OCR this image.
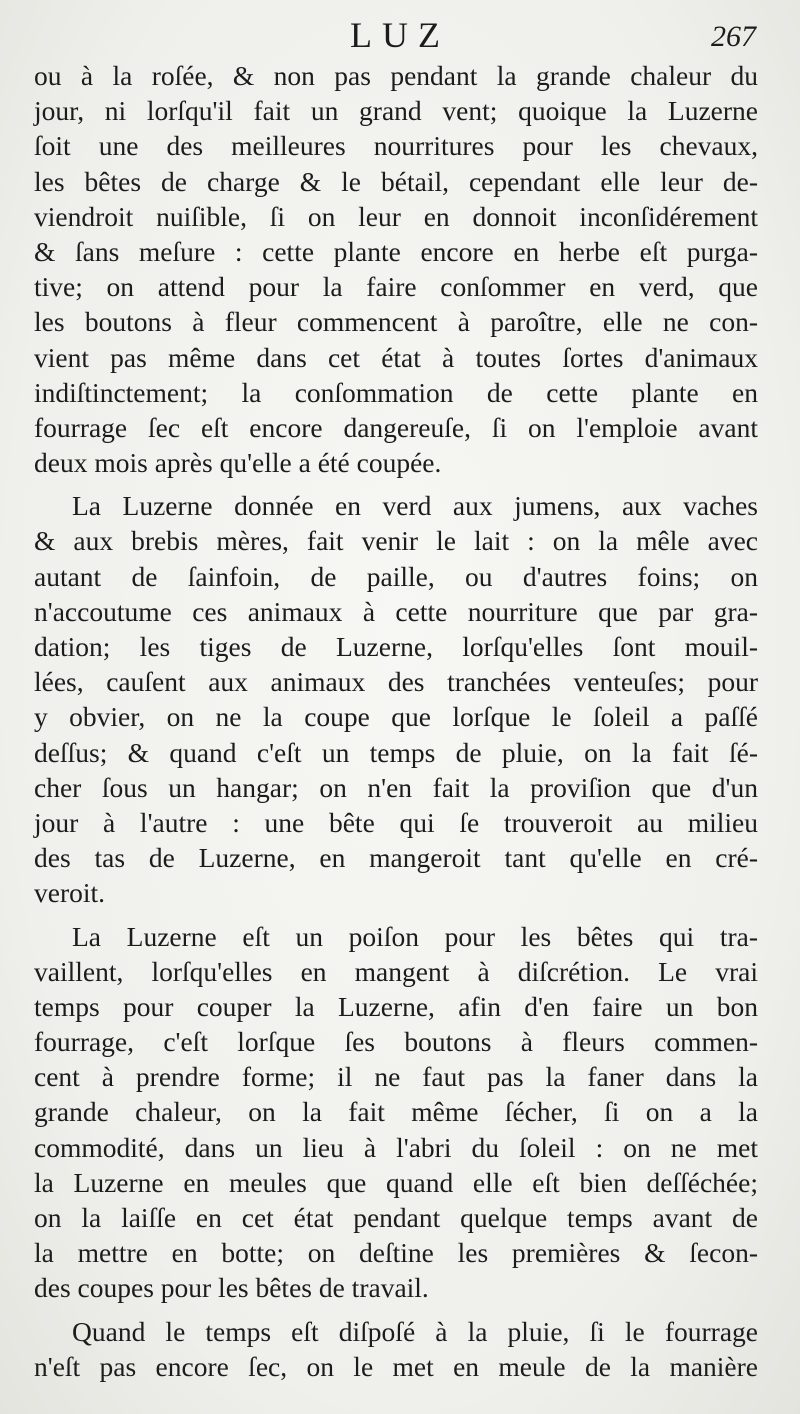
LUZ	267
ou à la roſée, & non pas pendant la grande chaleur du
jour, ni lorſqu'il fait un grand vent; quoique la Luzerne
ſoit une des meilleures nourritures pour les chevaux,
les bêtes de charge & le bétail, cependant elle leur de-
viendroit nuiſible, ſi on leur en donnoit inconſidérement
& ſans meſure : cette plante encore en herbe eſt purga-
tive; on attend pour la faire conſommer en verd, que
les boutons à fleur commencent à paroître, elle ne con-
vient pas même dans cet état à toutes ſortes d'animaux
indiſtinctement; la conſommation de cette plante en
fourrage ſec eſt encore dangereuſe, ſi on l'emploie avant
deux mois après qu'elle a été coupée.
La Luzerne donnée en verd aux jumens, aux vaches
& aux brebis mères, fait venir le lait : on la mêle avec
autant de ſainfoin, de paille, ou d'autres foins; on
n'accoutume ces animaux à cette nourriture que par gra-
dation; les tiges de Luzerne, lorſqu'elles ſont mouil-
lées, cauſent aux animaux des tranchées venteuſes; pour
y obvier, on ne la coupe que lorſque le ſoleil a paſſé
deſſus; & quand c'eſt un temps de pluie, on la fait ſé-
cher ſous un hangar; on n'en fait la proviſion que d'un
jour à l'autre : une bête qui ſe trouveroit au milieu
des tas de Luzerne, en mangeroit tant qu'elle en cré-
veroit.
La Luzerne eſt un poiſon pour les bêtes qui tra-
vaillent, lorſqu'elles en mangent à diſcrétion. Le vrai
temps pour couper la Luzerne, afin d'en faire un bon
fourrage, c'eſt lorſque ſes boutons à fleurs commen-
cent à prendre forme; il ne faut pas la faner dans la
grande chaleur, on la fait même ſécher, ſi on a la
commodité, dans un lieu à l'abri du ſoleil : on ne met
la Luzerne en meules que quand elle eſt bien deſſéchée;
on la laiſſe en cet état pendant quelque temps avant de
la mettre en botte; on deſtine les premières & ſecon-
des coupes pour les bêtes de travail.
Quand le temps eſt diſpoſé à la pluie, ſi le fourrage
n'eſt pas encore ſec, on le met en meule de la manière
